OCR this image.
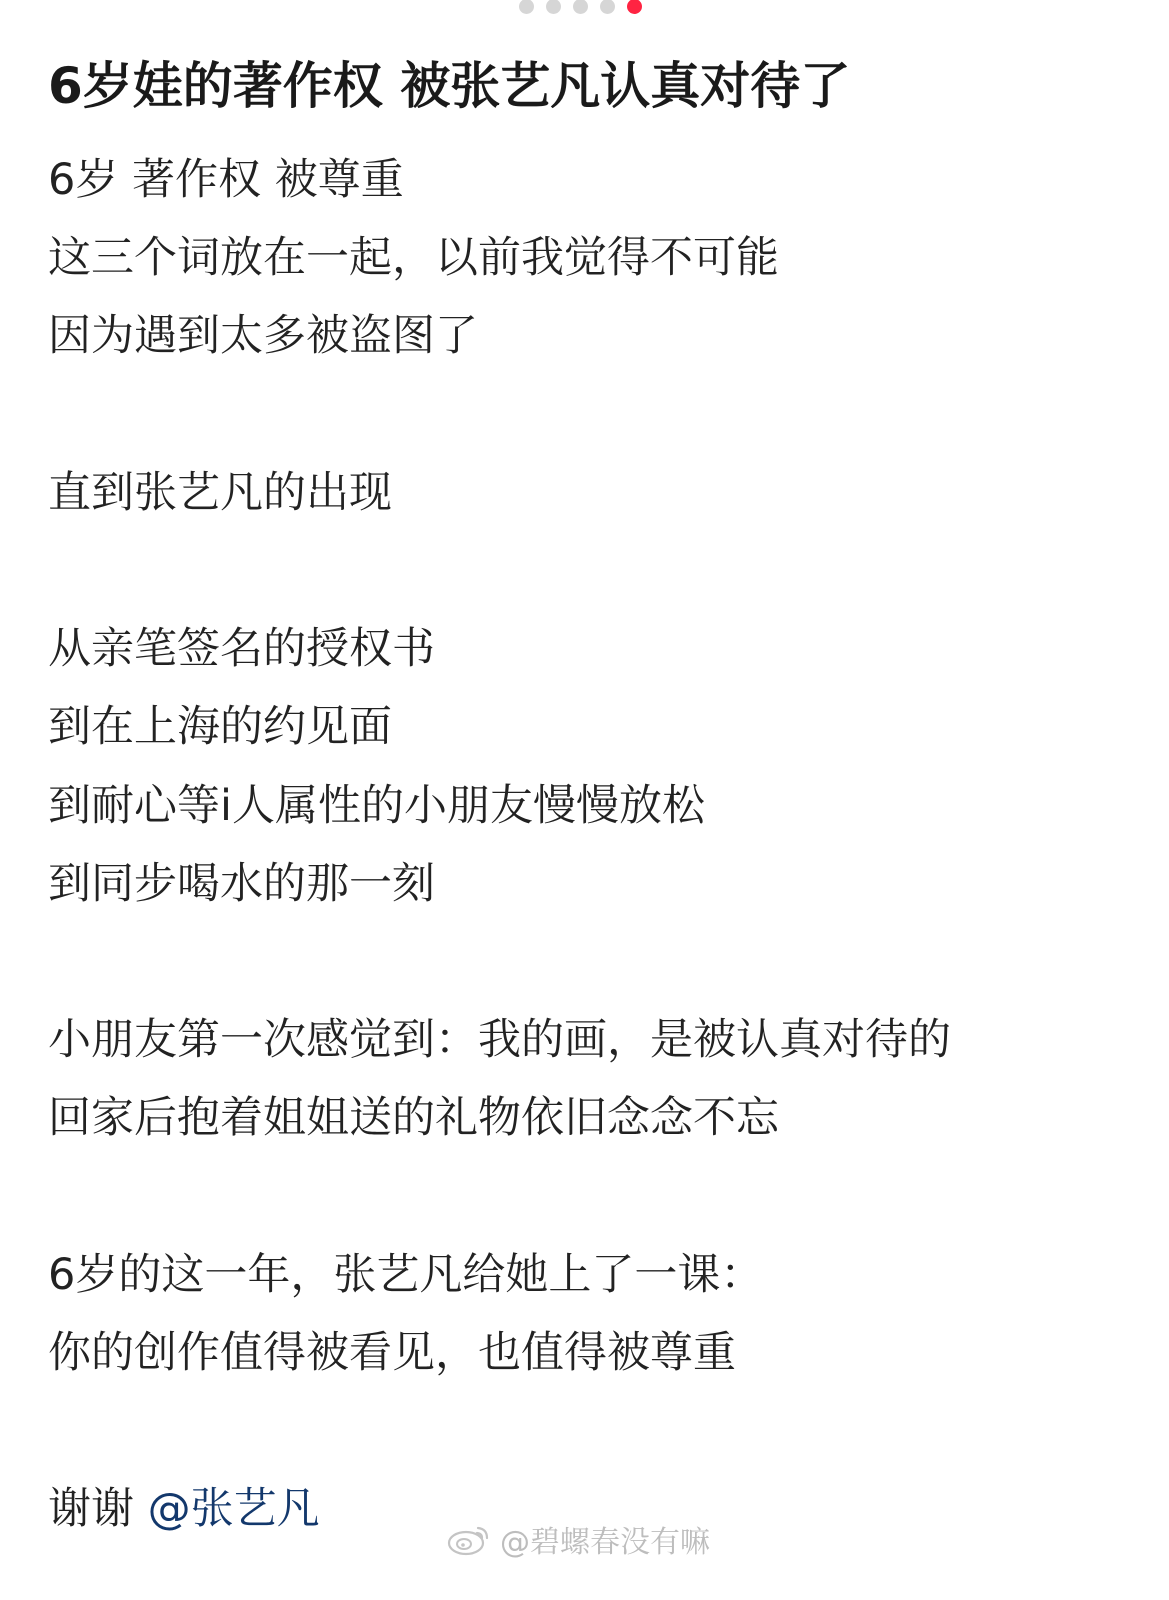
6岁娃的著作权 被张艺凡认真对待了
6岁 著作权 被尊重
这三个词放在一起，以前我觉得不可能
因为遇到太多被盗图了
直到张艺凡的出现
从亲笔签名的授权书
到在上海的约见面
到耐心等i人属性的小朋友慢慢放松
到同步喝水的那一刻
小朋友第一次感觉到：我的画，是被认真对待的
回家后抱着姐姐送的礼物依旧念念不忘
6岁的这一年，张艺凡给她上了一课：
你的创作值得被看见，也值得被尊重
谢谢 @张艺凡
@碧螺春没有嘛
